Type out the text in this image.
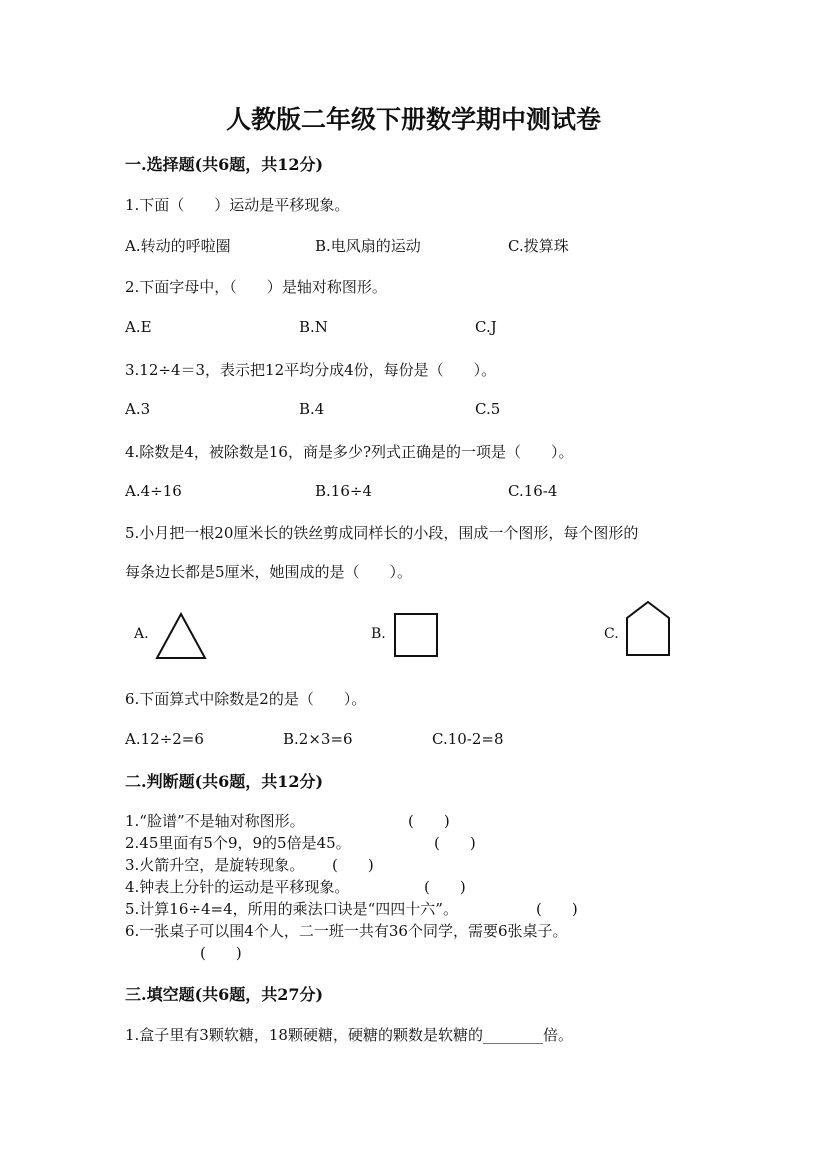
人教版二年级下册数学期中测试卷
一.选择题(共6题，共12分)
1.下面（　　）运动是平移现象。
A.转动的呼啦圈	B.电风扇的运动	C.拨算珠
2.下面字母中，（　　）是轴对称图形。
A.E	B.N	C.J
3.12÷4＝3，表示把12平均分成4份，每份是（　　）。
A.3	B.4	C.5
4.除数是4，被除数是16，商是多少?列式正确是的一项是（　　）。
A.4÷16	B.16÷4	C.16-4
5.小月把一根20厘米长的铁丝剪成同样长的小段，围成一个图形，每个图形的
每条边长都是5厘米，她围成的是（　　）。
A.	B.	C.
6.下面算式中除数是2的是（　　）。
A.12÷2=6	B.2×3=6	C.10-2=8
二.判断题(共6题，共12分)
1.“脸谱”不是轴对称图形。	(　　)
2.45里面有5个9，9的5倍是45。	(　　)
3.火箭升空，是旋转现象。 (　　)
4.钟表上分针的运动是平移现象。	(　　)
5.计算16÷4=4，所用的乘法口诀是“四四十六”。	(　　)
6.一张桌子可以围4个人，二一班一共有36个同学，需要6张桌子。
(　　)
三.填空题(共6题，共27分)
1.盒子里有3颗软糖，18颗硬糖，硬糖的颗数是软糖的________倍。
